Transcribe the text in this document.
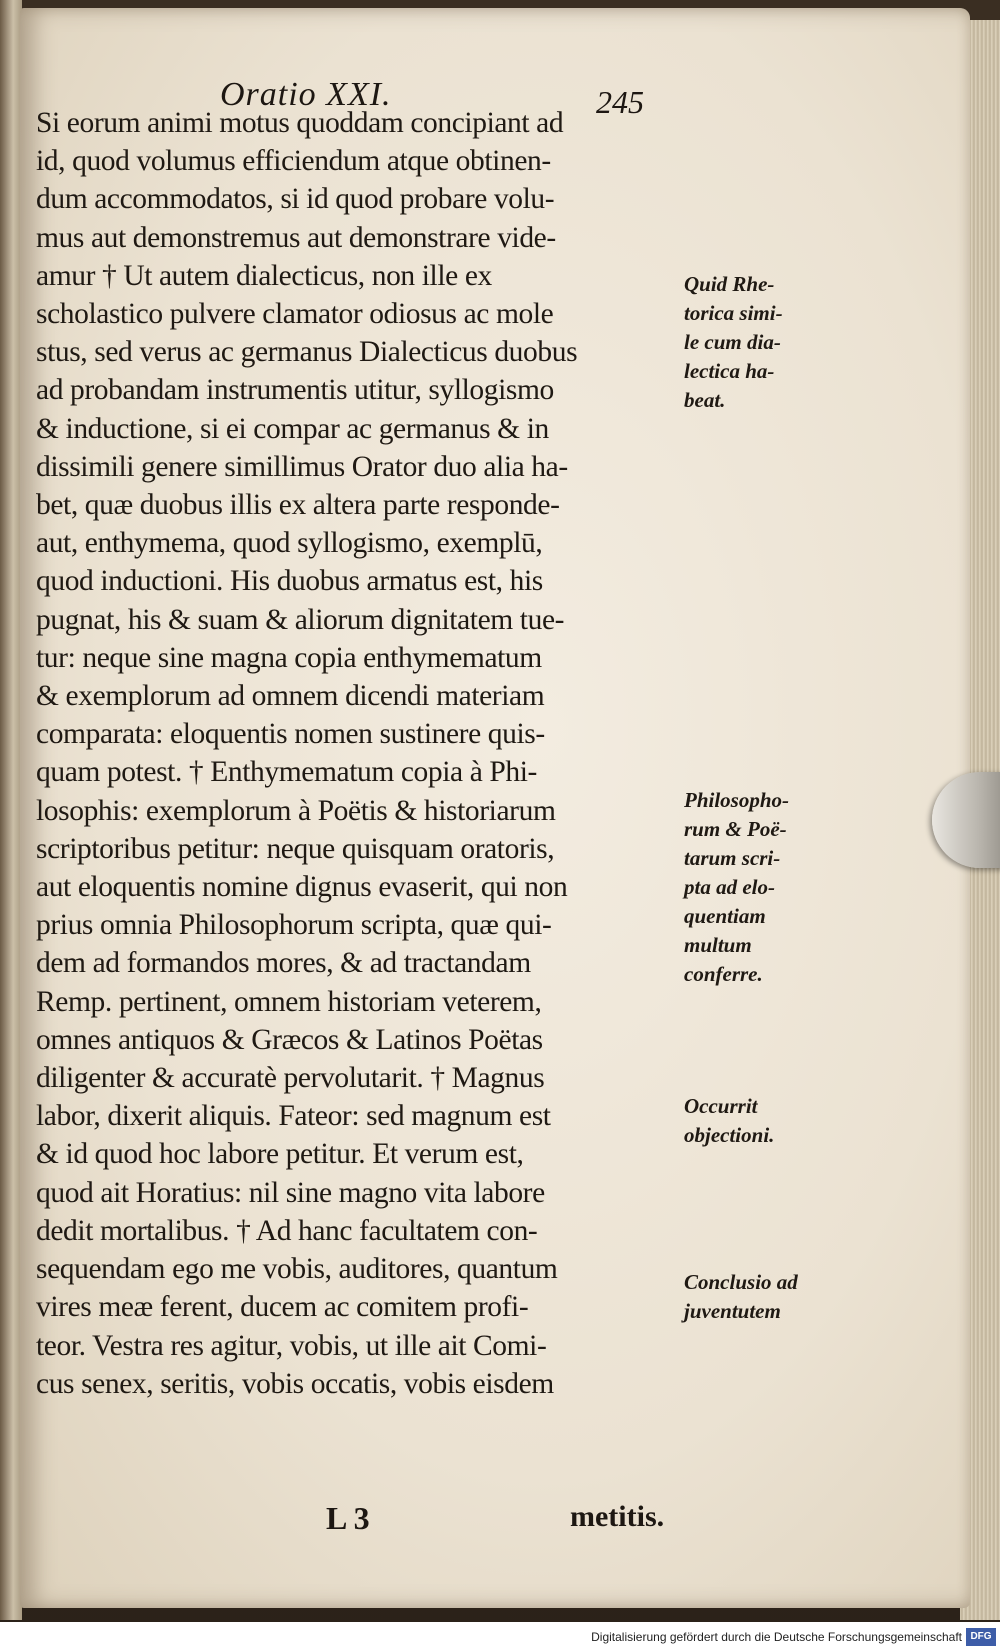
Oratio XXI.	245
Si eorum animi motus quoddam concipiant ad
id, quod volumus efficiendum atque obtinen-
dum accommodatos, si id quod probare volu-
mus aut demonstremus aut demonstrare vide-
amur † Ut autem dialecticus, non ille ex
scholastico pulvere clamator odiosus ac mole
stus, sed verus ac germanus Dialecticus duobus
ad probandam instrumentis utitur, syllogismo
& inductione, si ei compar ac germanus & in
dissimili genere simillimus Orator duo alia ha-
bet, quæ duobus illis ex altera parte responde-
aut, enthymema, quod syllogismo, exemplū,
quod inductioni. His duobus armatus est, his
pugnat, his & suam & aliorum dignitatem tue-
tur: neque sine magna copia enthymematum
& exemplorum ad omnem dicendi materiam
comparata: eloquentis nomen sustinere quis-
quam potest. † Enthymematum copia à Phi-
losophis: exemplorum à Poëtis & historiarum
scriptoribus petitur: neque quisquam oratoris,
aut eloquentis nomine dignus evaserit, qui non
prius omnia Philosophorum scripta, quæ qui-
dem ad formandos mores, & ad tractandam
Remp. pertinent, omnem historiam veterem,
omnes antiquos & Græcos & Latinos Poëtas
diligenter & accuratè pervolutarit. † Magnus
labor, dixerit aliquis. Fateor: sed magnum est
& id quod hoc labore petitur. Et verum est,
quod ait Horatius: nil sine magno vita labore
dedit mortalibus. † Ad hanc facultatem con-
sequendam ego me vobis, auditores, quantum
vires meæ ferent, ducem ac comitem profi-
teor. Vestra res agitur, vobis, ut ille ait Comi-
cus senex, seritis, vobis occatis, vobis eisdem
Quid Rhe-
torica simi-
le cum dia-
lectica ha-
beat.
Philosopho-
rum & Poë-
tarum scri-
pta ad elo-
quentiam
multum
conferre.
Occurrit
objectioni.
Conclusio ad
juventutem
L 3	metitis.
Digitalisierung gefördert durch die Deutsche Forschungsgemeinschaft DFG
